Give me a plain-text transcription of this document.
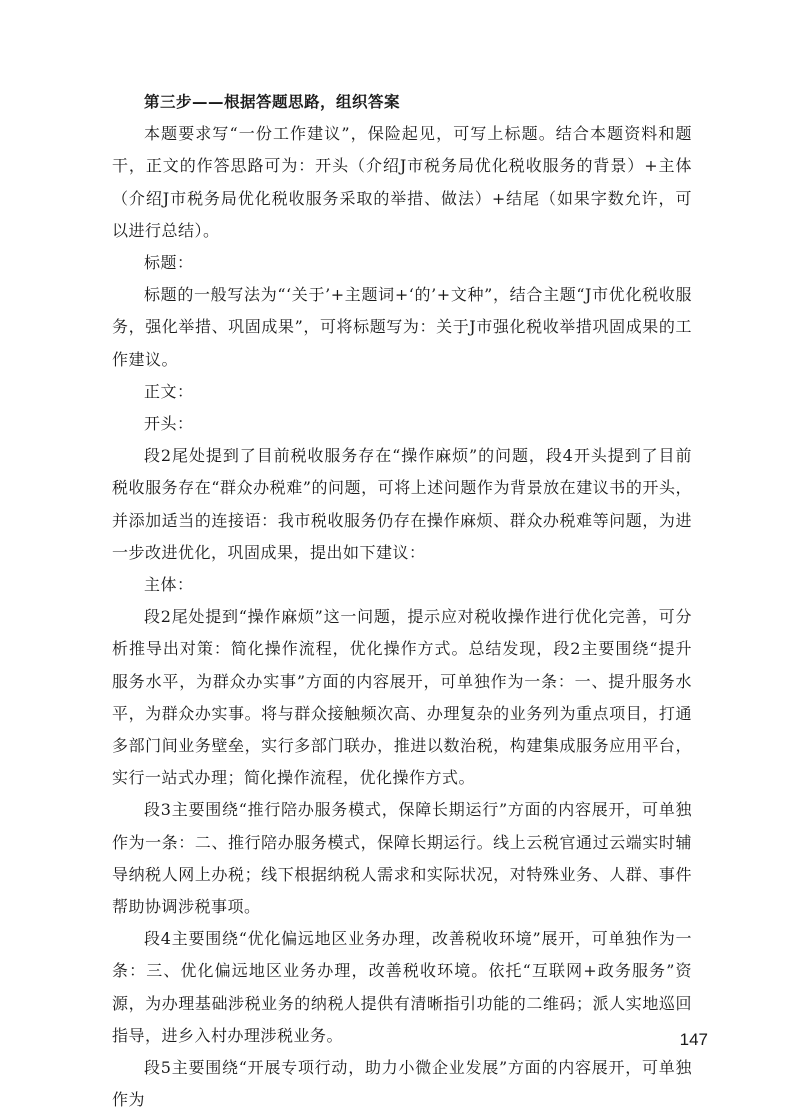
第三步——根据答题思路，组织答案

本题要求写“一份工作建议”，保险起见，可写上标题。结合本题资料和题干，正文的作答思路可为：开头（介绍J市税务局优化税收服务的背景）+主体（介绍J市税务局优化税收服务采取的举措、做法）+结尾（如果字数允许，可以进行总结）。

标题：

标题的一般写法为“‘关于’+主题词+‘的’+文种”，结合主题“J市优化税收服务，强化举措、巩固成果”，可将标题写为：关于J市强化税收举措巩固成果的工作建议。

正文：

开头：

段2尾处提到了目前税收服务存在“操作麻烦”的问题，段4开头提到了目前税收服务存在“群众办税难”的问题，可将上述问题作为背景放在建议书的开头，并添加适当的连接语：我市税收服务仍存在操作麻烦、群众办税难等问题，为进一步改进优化，巩固成果，提出如下建议：

主体：

段2尾处提到“操作麻烦”这一问题，提示应对税收操作进行优化完善，可分析推导出对策：简化操作流程，优化操作方式。总结发现，段2主要围绕“提升服务水平，为群众办实事”方面的内容展开，可单独作为一条：一、提升服务水平，为群众办实事。将与群众接触频次高、办理复杂的业务列为重点项目，打通多部门间业务壁垒，实行多部门联办，推进以数治税，构建集成服务应用平台，实行一站式办理；简化操作流程，优化操作方式。

段3主要围绕“推行陪办服务模式，保障长期运行”方面的内容展开，可单独作为一条：二、推行陪办服务模式，保障长期运行。线上云税官通过云端实时辅导纳税人网上办税；线下根据纳税人需求和实际状况，对特殊业务、人群、事件帮助协调涉税事项。

段4主要围绕“优化偏远地区业务办理，改善税收环境”展开，可单独作为一条：三、优化偏远地区业务办理，改善税收环境。依托“互联网+政务服务”资源，为办理基础涉税业务的纳税人提供有清晰指引功能的二维码；派人实地巡回指导，进乡入村办理涉税业务。

段5主要围绕“开展专项行动，助力小微企业发展”方面的内容展开，可单独作为

147
